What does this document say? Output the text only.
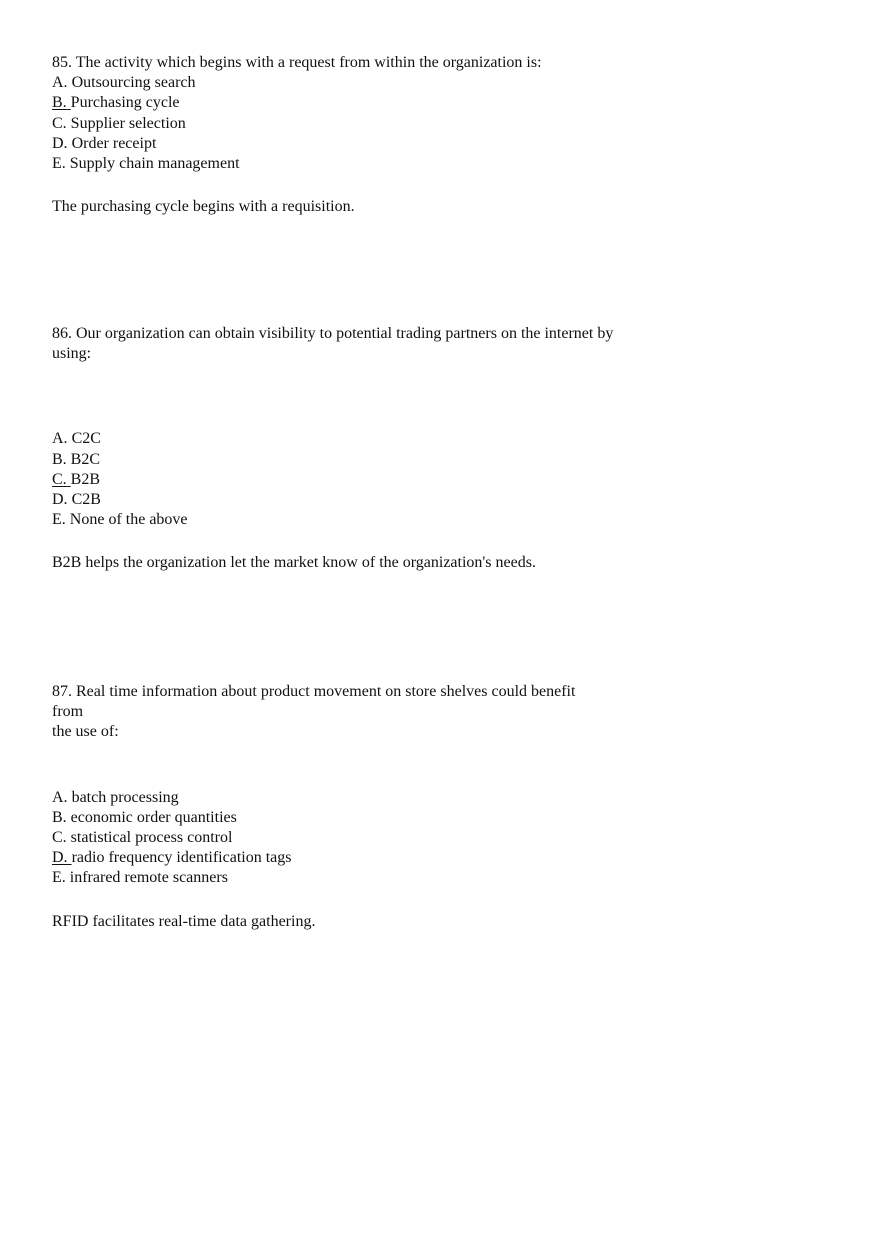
85. The activity which begins with a request from within the organization is:
A. Outsourcing search
B. Purchasing cycle
C. Supplier selection
D. Order receipt
E. Supply chain management
The purchasing cycle begins with a requisition.
86. Our organization can obtain visibility to potential trading partners on the internet by
using:
A. C2C
B. B2C
C. B2B
D. C2B
E. None of the above
B2B helps the organization let the market know of the organization's needs.
87. Real time information about product movement on store shelves could benefit
from
the use of:
A. batch processing
B. economic order quantities
C. statistical process control
D. radio frequency identification tags
E. infrared remote scanners
RFID facilitates real-time data gathering.
